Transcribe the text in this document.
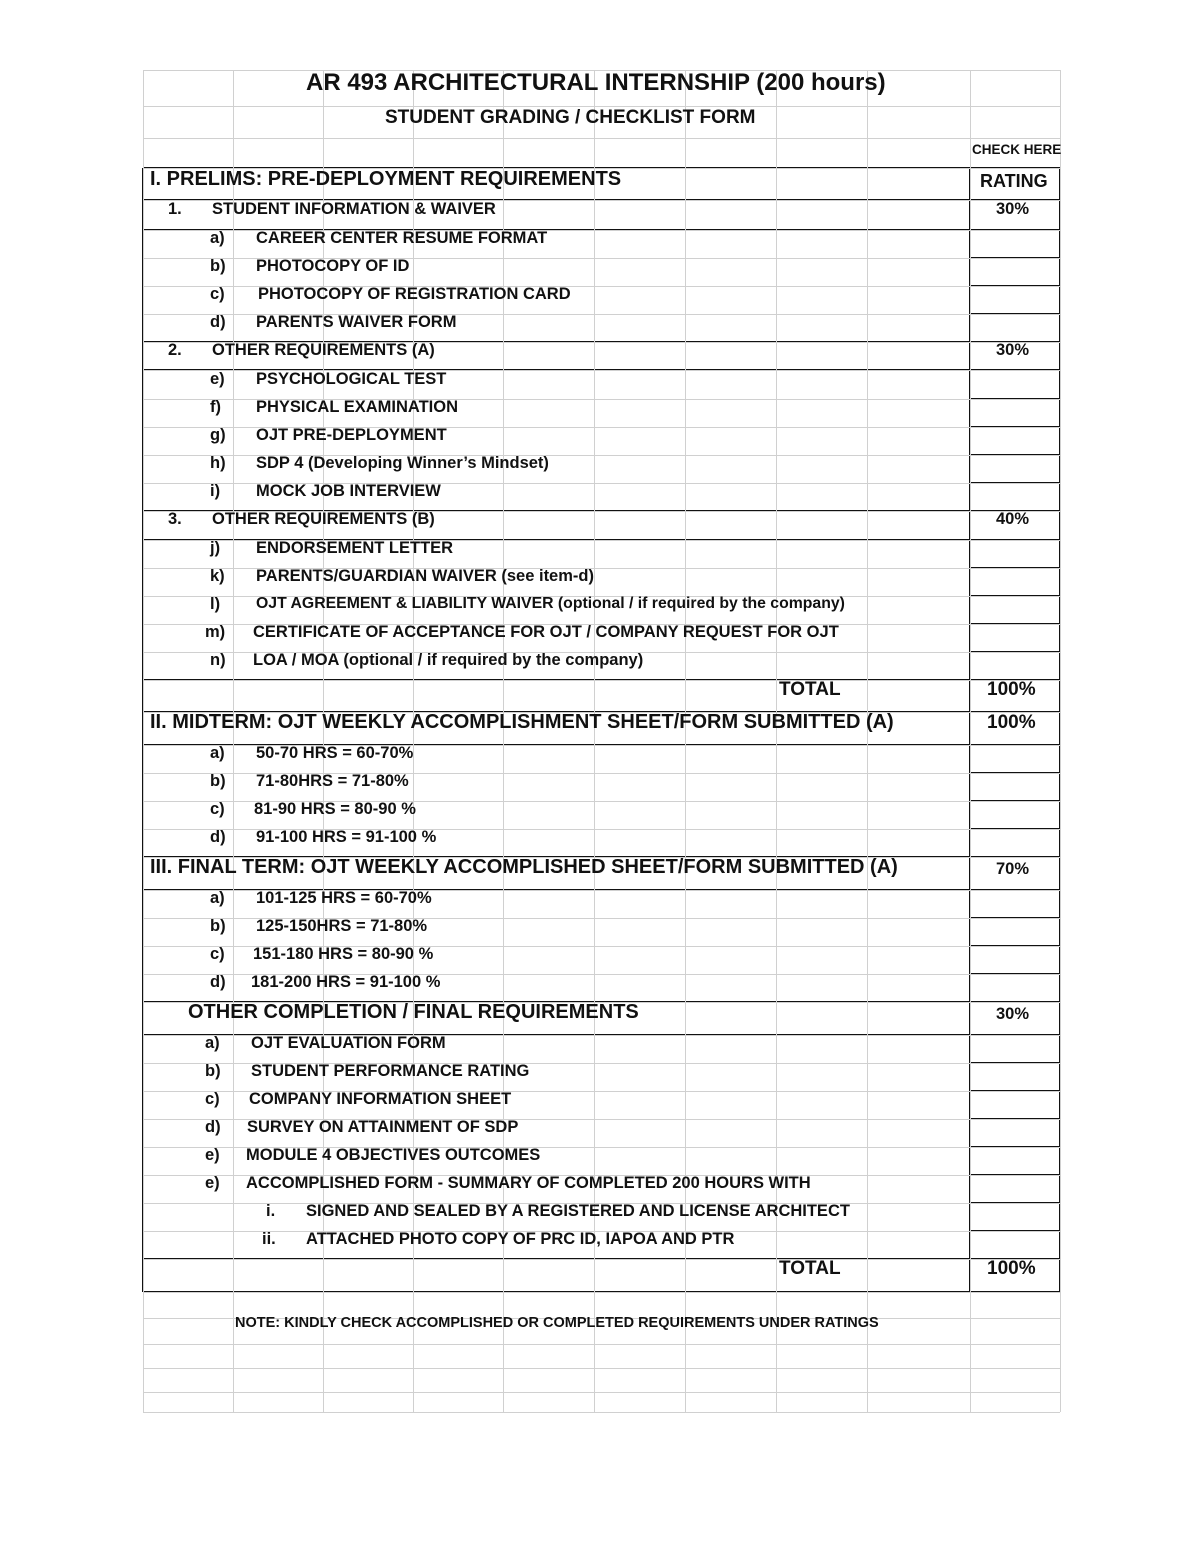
AR 493 ARCHITECTURAL INTERNSHIP (200 hours)
STUDENT GRADING / CHECKLIST FORM
CHECK HERE
I. PRELIMS: PRE-DEPLOYMENT REQUIREMENTS	RATING
1. STUDENT INFORMATION & WAIVER	30%
a) CAREER CENTER RESUME FORMAT
b) PHOTOCOPY OF ID
c) PHOTOCOPY OF REGISTRATION CARD
d) PARENTS WAIVER FORM
2. OTHER REQUIREMENTS (A)	30%
e) PSYCHOLOGICAL TEST
f) PHYSICAL EXAMINATION
g) OJT PRE-DEPLOYMENT
h) SDP 4 (Developing Winner’s Mindset)
i) MOCK JOB INTERVIEW
3. OTHER REQUIREMENTS (B)	40%
j) ENDORSEMENT LETTER
k) PARENTS/GUARDIAN WAIVER (see item-d)
l) OJT AGREEMENT & LIABILITY WAIVER (optional / if required by the company)
m) CERTIFICATE OF ACCEPTANCE FOR OJT / COMPANY REQUEST FOR OJT
n) LOA / MOA (optional / if required by the company)
TOTAL	100%
II. MIDTERM: OJT WEEKLY ACCOMPLISHMENT SHEET/FORM SUBMITTED (A)	100%
a) 50-70 HRS = 60-70%
b) 71-80HRS = 71-80%
c) 81-90 HRS = 80-90 %
d) 91-100 HRS = 91-100 %
III. FINAL TERM: OJT WEEKLY ACCOMPLISHED SHEET/FORM SUBMITTED (A)	70%
a) 101-125 HRS = 60-70%
b) 125-150HRS = 71-80%
c) 151-180 HRS = 80-90 %
d) 181-200 HRS = 91-100 %
OTHER COMPLETION / FINAL REQUIREMENTS	30%
a) OJT EVALUATION FORM
b) STUDENT PERFORMANCE RATING
c) COMPANY INFORMATION SHEET
d) SURVEY ON ATTAINMENT OF SDP
e) MODULE 4 OBJECTIVES OUTCOMES
e) ACCOMPLISHED FORM - SUMMARY OF COMPLETED 200 HOURS WITH
i. SIGNED AND SEALED BY A REGISTERED AND LICENSE ARCHITECT
ii. ATTACHED PHOTO COPY OF PRC ID, IAPOA AND PTR
TOTAL	100%
NOTE: KINDLY CHECK ACCOMPLISHED OR COMPLETED REQUIREMENTS UNDER RATINGS
